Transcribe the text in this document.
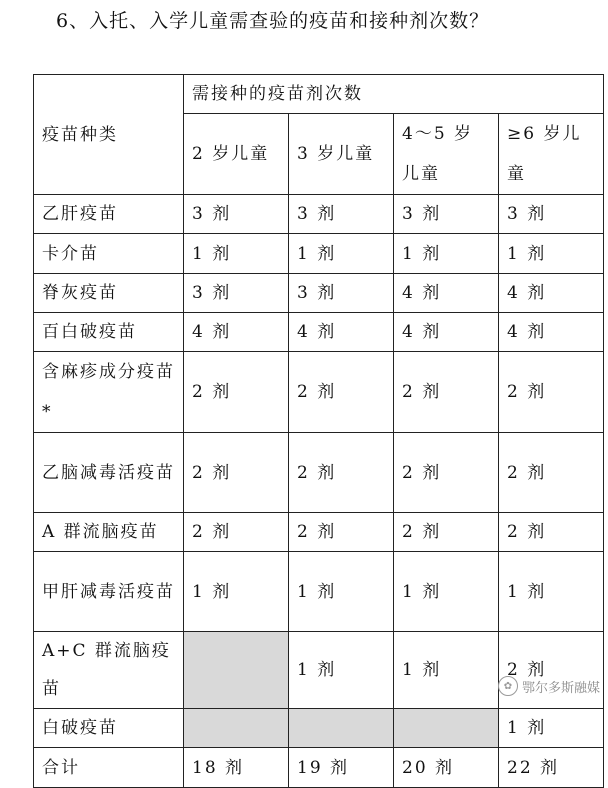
6、入托、入学儿童需查验的疫苗和接种剂次数？
疫苗种类	需接种的疫苗剂次数			
	2 岁儿童	3 岁儿童	4～5 岁儿童	≥6 岁儿童
乙肝疫苗	3 剂	3 剂	3 剂	3 剂
卡介苗	1 剂	1 剂	1 剂	1 剂
脊灰疫苗	3 剂	3 剂	4 剂	4 剂
百白破疫苗	4 剂	4 剂	4 剂	4 剂
含麻疹成分疫苗*	2 剂	2 剂	2 剂	2 剂
乙脑减毒活疫苗	2 剂	2 剂	2 剂	2 剂
A 群流脑疫苗	2 剂	2 剂	2 剂	2 剂
甲肝减毒活疫苗	1 剂	1 剂	1 剂	1 剂
A+C 群流脑疫苗		1 剂	1 剂	2 剂
白破疫苗				1 剂
合计	18 剂	19 剂	20 剂	22 剂
✿ 鄂尔多斯融媒
